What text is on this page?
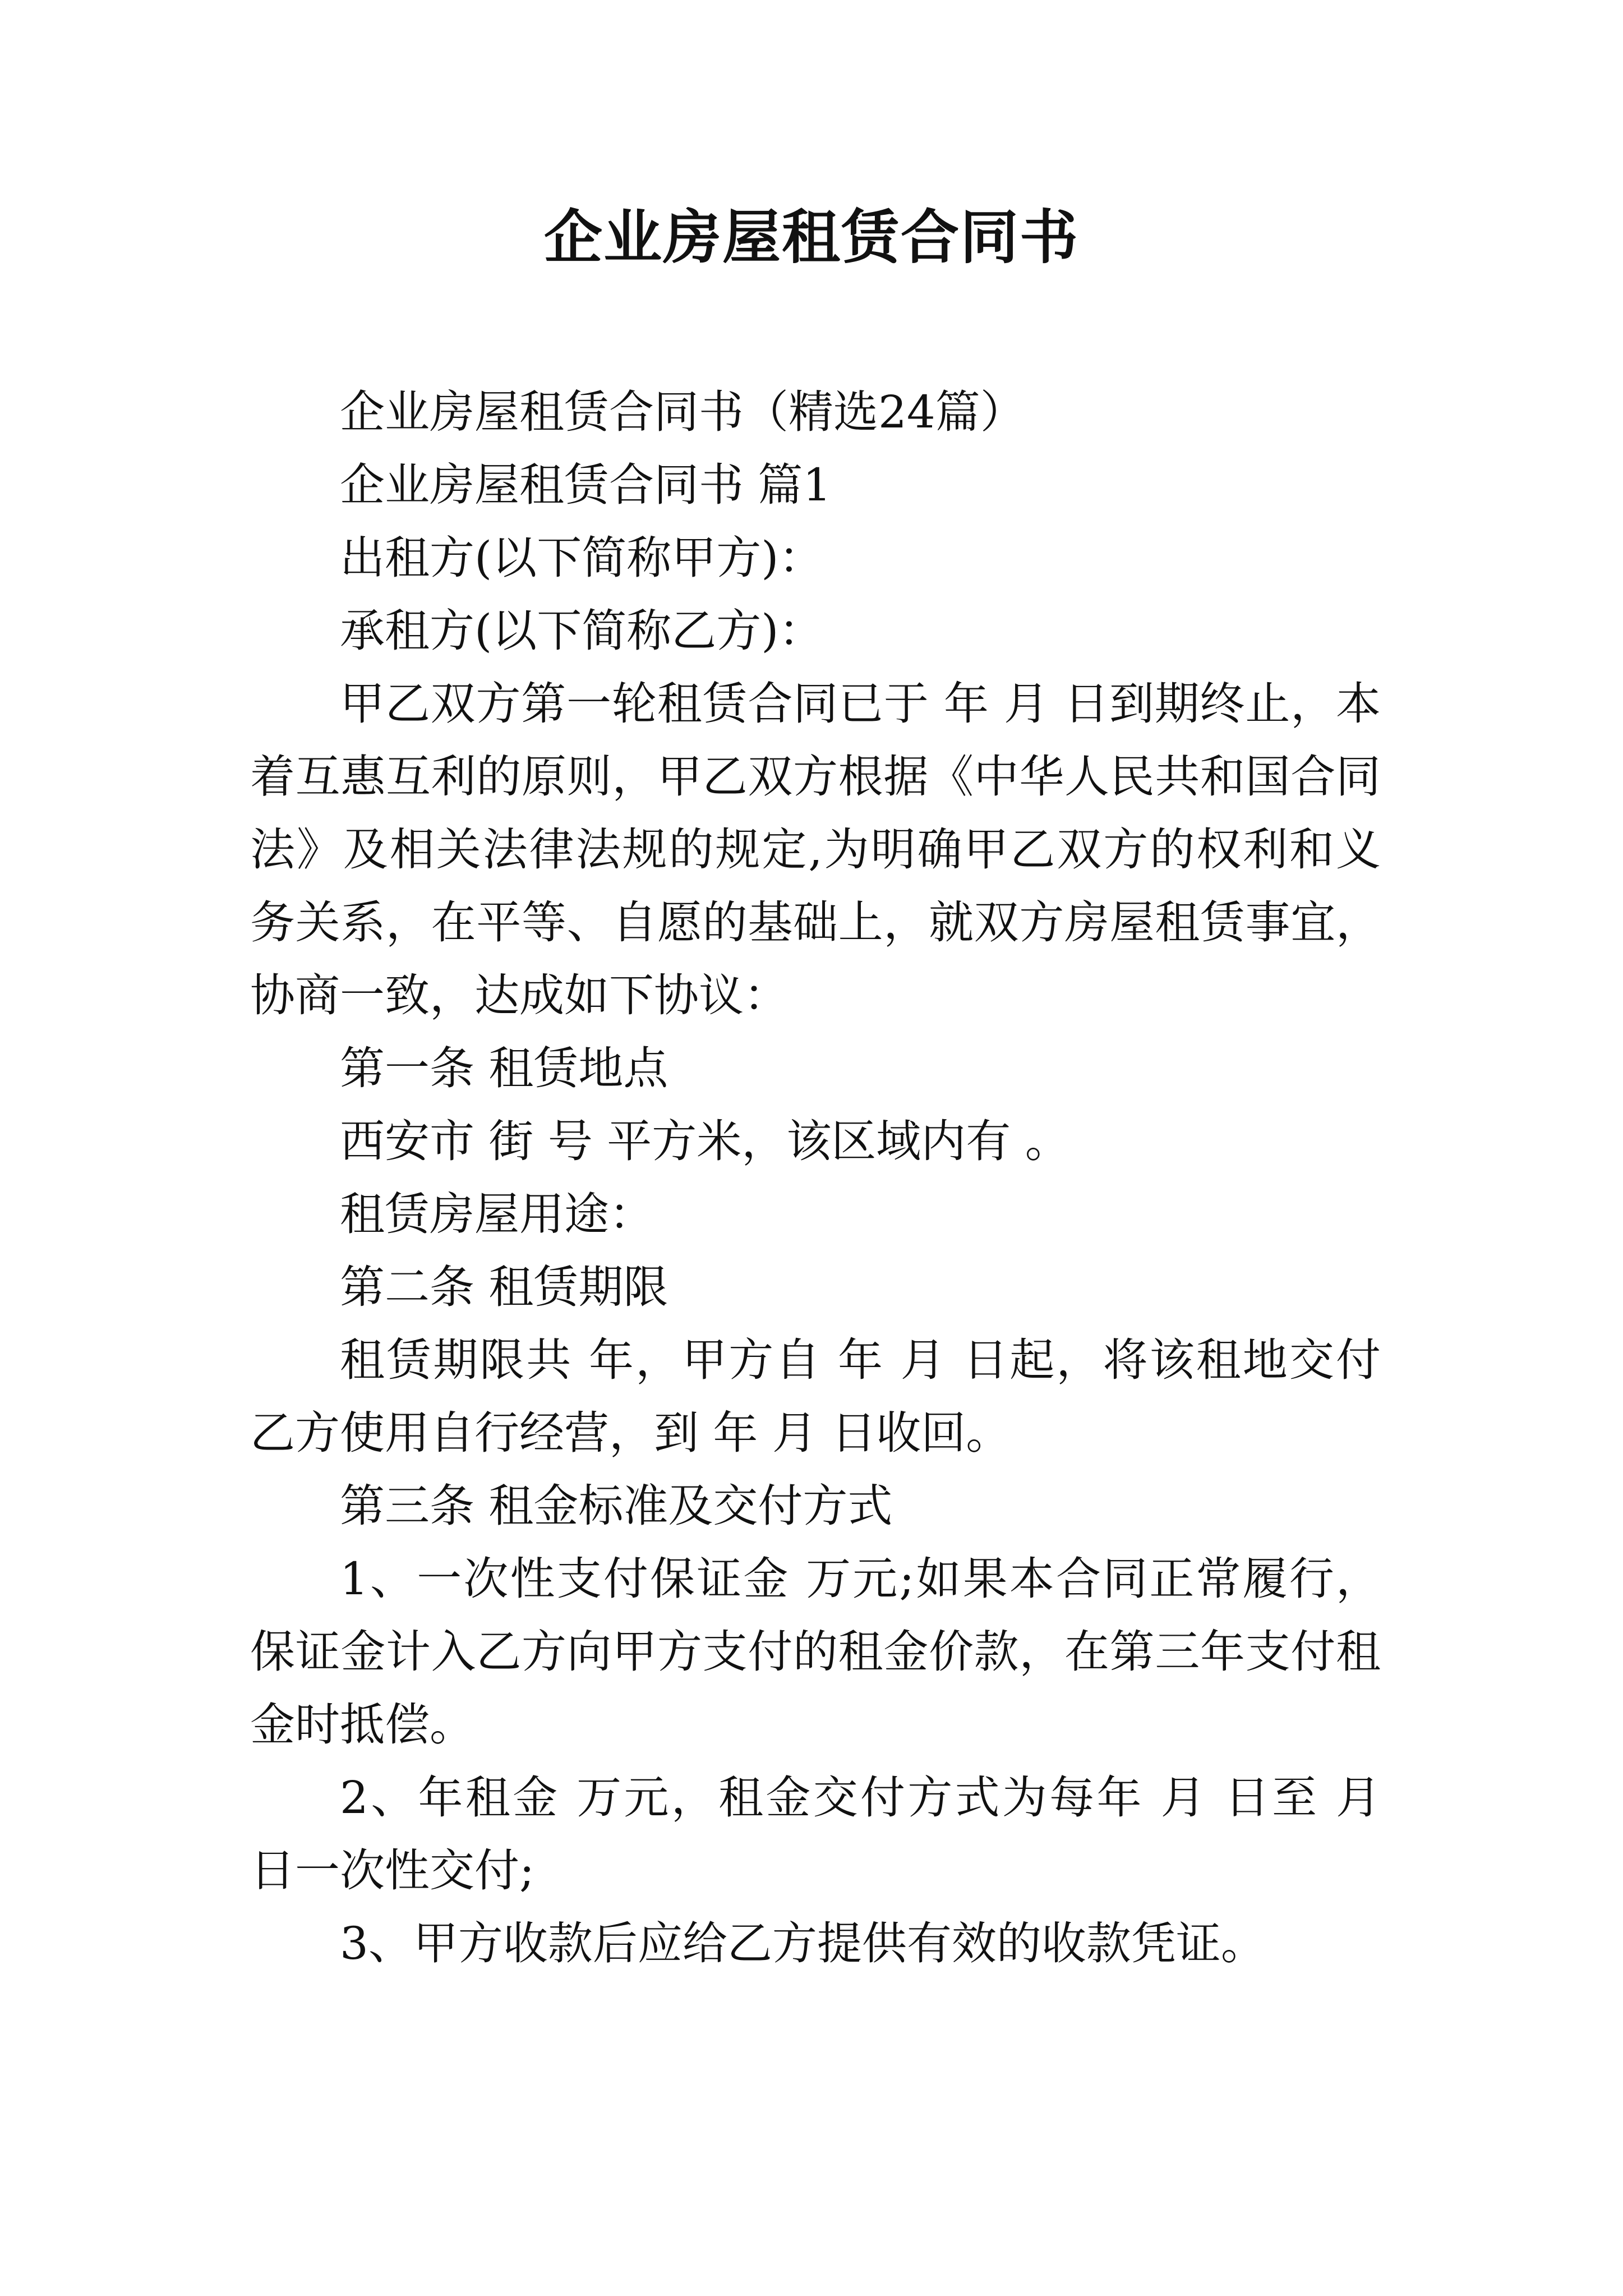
企业房屋租赁合同书

企业房屋租赁合同书（精选24篇）

企业房屋租赁合同书 篇1

出租方(以下简称甲方)：

承租方(以下简称乙方)：

甲乙双方第一轮租赁合同已于 年 月 日到期终止，本着互惠互利的原则，甲乙双方根据《中华人民共和国合同法》及相关法律法规的规定,为明确甲乙双方的权利和义务关系，在平等、自愿的基础上，就双方房屋租赁事宜，协商一致，达成如下协议：

第一条 租赁地点

西安市 街 号 平方米，该区域内有 。

租赁房屋用途：

第二条 租赁期限

租赁期限共 年，甲方自 年 月 日起，将该租地交付乙方使用自行经营，到 年 月 日收回。

第三条 租金标准及交付方式

1、一次性支付保证金 万元;如果本合同正常履行，保证金计入乙方向甲方支付的租金价款，在第三年支付租金时抵偿。

2、年租金 万元，租金交付方式为每年 月 日至 月 日一次性交付;

3、甲方收款后应给乙方提供有效的收款凭证。
